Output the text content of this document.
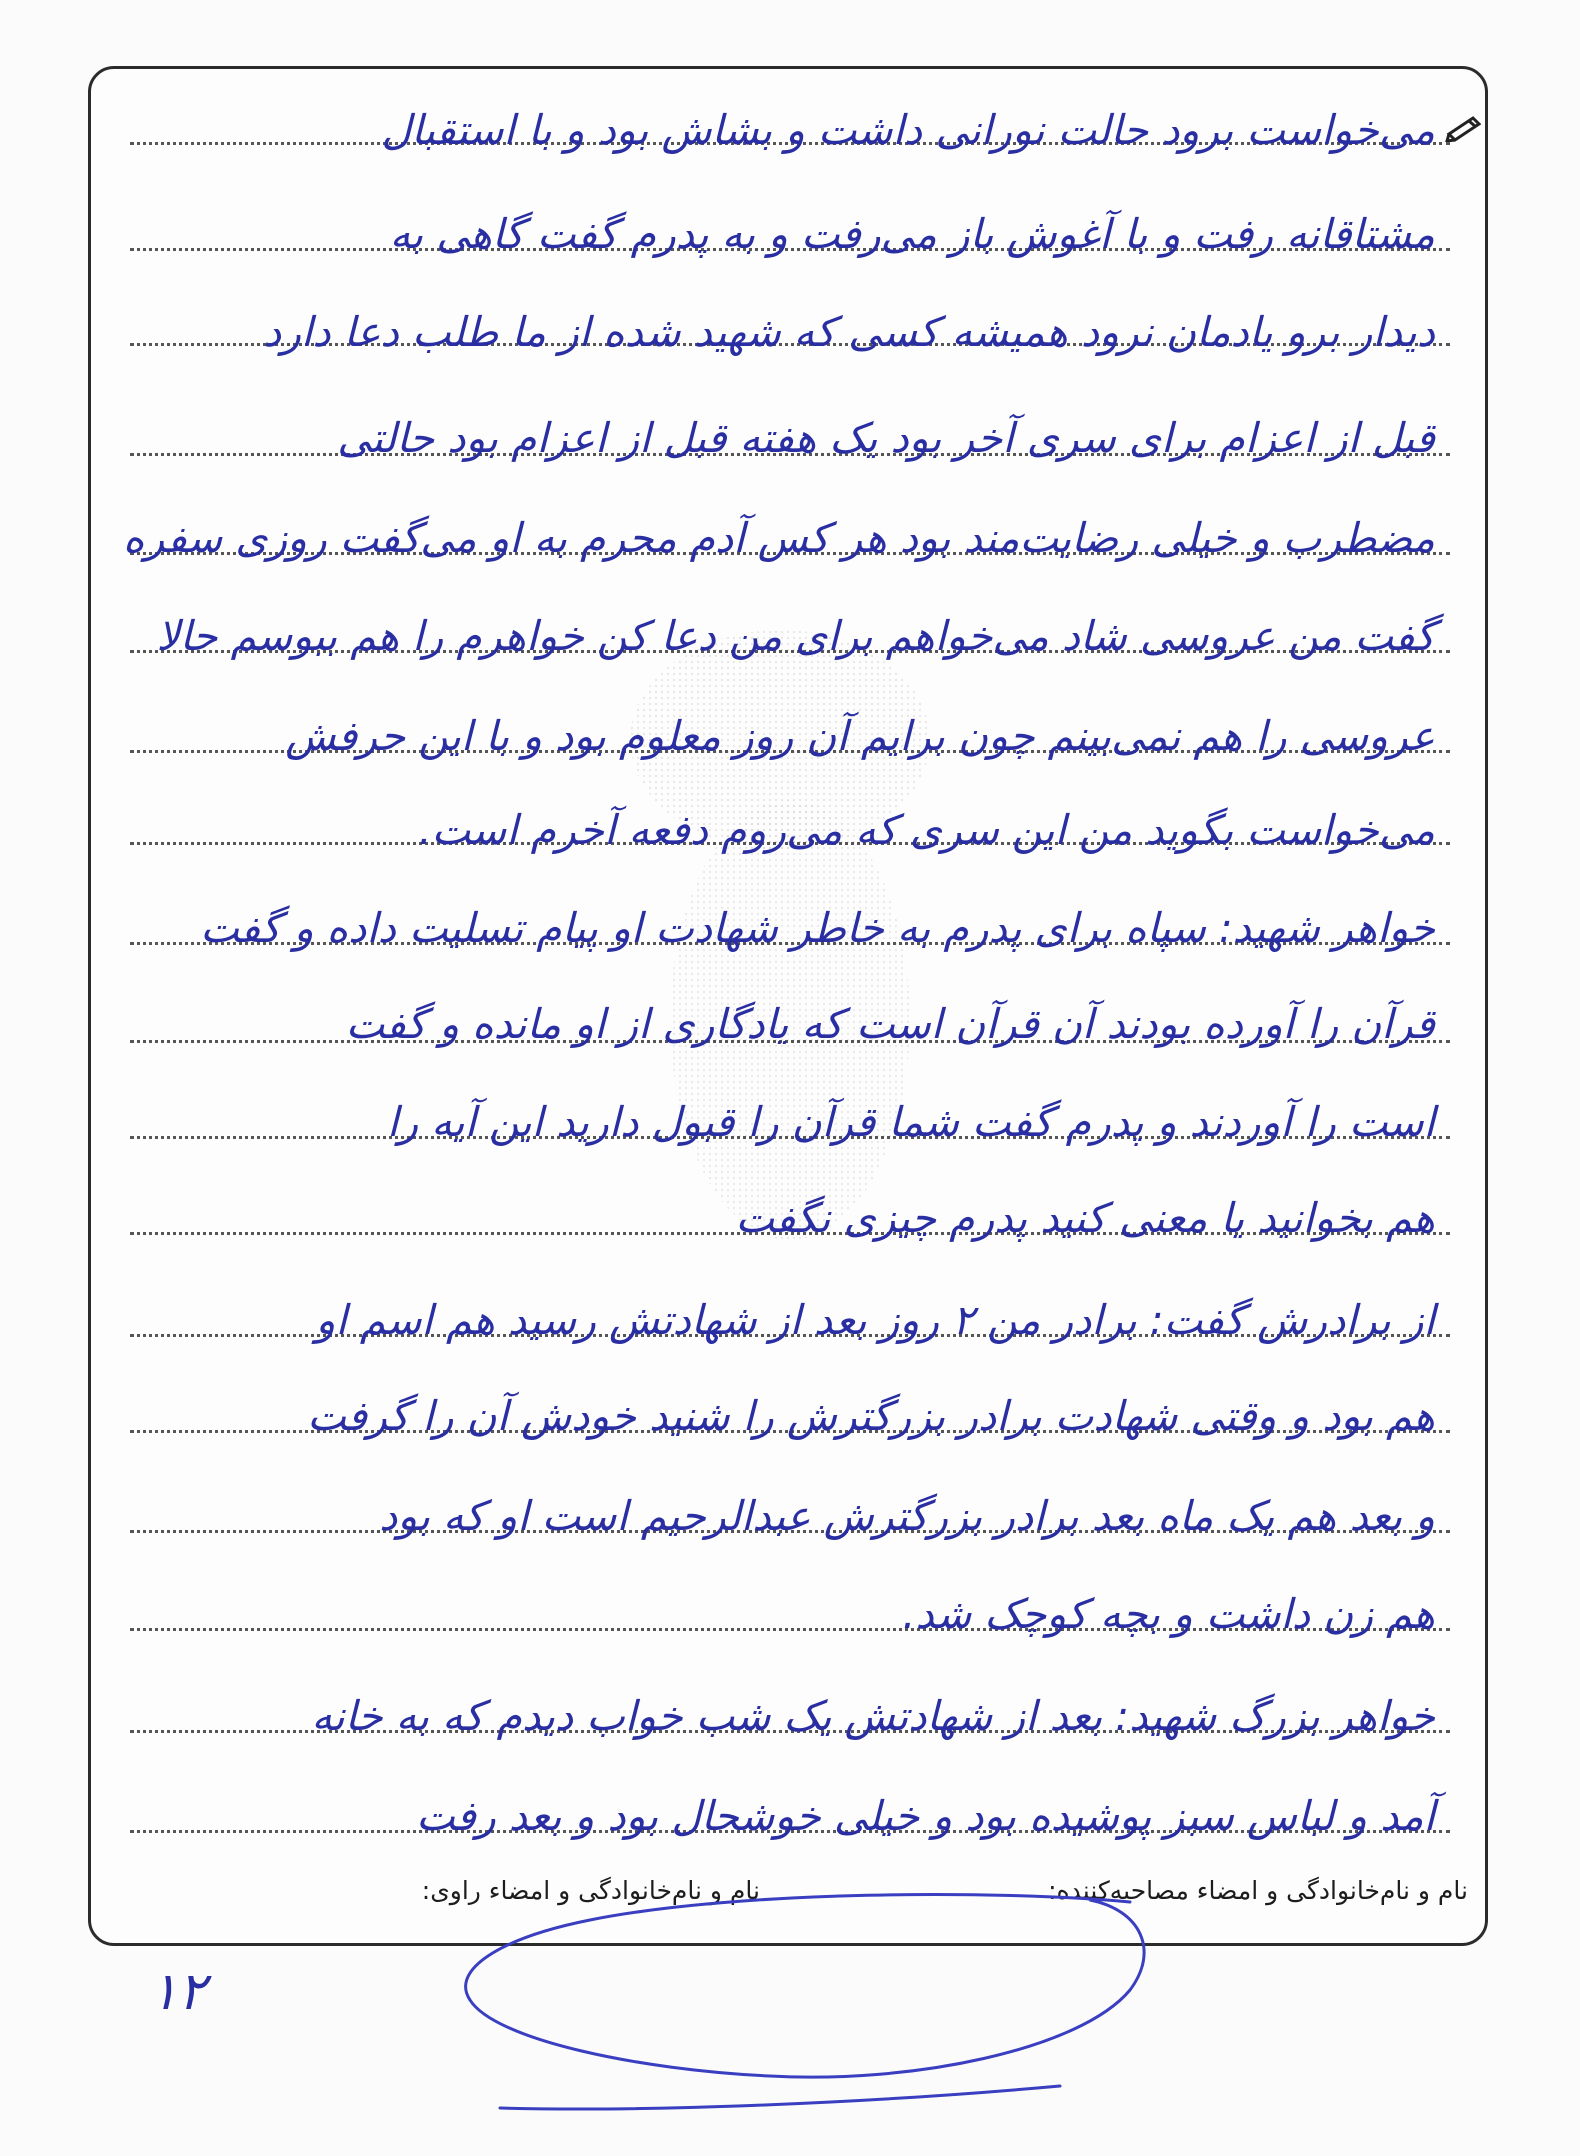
می‌خواست برود حالت نورانی داشت و بشاش بود و با استقبال
مشتاقانه رفت و با آغوش باز می‌رفت و به پدرم گفت گاهی به
دیدار برو یادمان نرود همیشه کسی که شهید شده از ما طلب دعا دارد
قبل از اعزام برای سری آخر بود یک هفته قبل از اعزام بود حالتی
مضطرب و خیلی رضایت‌مند بود هر کس آدم محرم به او می‌گفت روزی سفره
گفت من عروسی شاد می‌خواهم برای من دعا کن خواهرم را هم ببوسم حالا
عروسی را هم نمی‌بینم چون برایم آن روز معلوم بود و با این حرفش
می‌خواست بگوید من این سری که می‌روم دفعه آخرم است.
خواهر شهید: سپاه برای پدرم به خاطر شهادت او پیام تسلیت داده و گفت
قرآن را آورده بودند آن قرآن است که یادگاری از او مانده و گفت
است را آوردند و پدرم گفت شما قرآن را قبول دارید این آیه را
هم بخوانید یا معنی کنید پدرم چیزی نگفت
از برادرش گفت: برادر من ۲ روز بعد از شهادتش رسید هم اسم او
هم بود و وقتی شهادت برادر بزرگترش را شنید خودش آن را گرفت
و بعد هم یک ماه بعد برادر بزرگترش عبدالرحیم است او که بود
هم زن داشت و بچه کوچک شد.
خواهر بزرگ شهید: بعد از شهادتش یک شب خواب دیدم که به خانه
آمد و لباس سبز پوشیده بود و خیلی خوشحال بود و بعد رفت
نام و نام‌خانوادگی و امضاء مصاحبه‌کننده:
نام و نام‌خانوادگی و امضاء راوی:
۱۲
